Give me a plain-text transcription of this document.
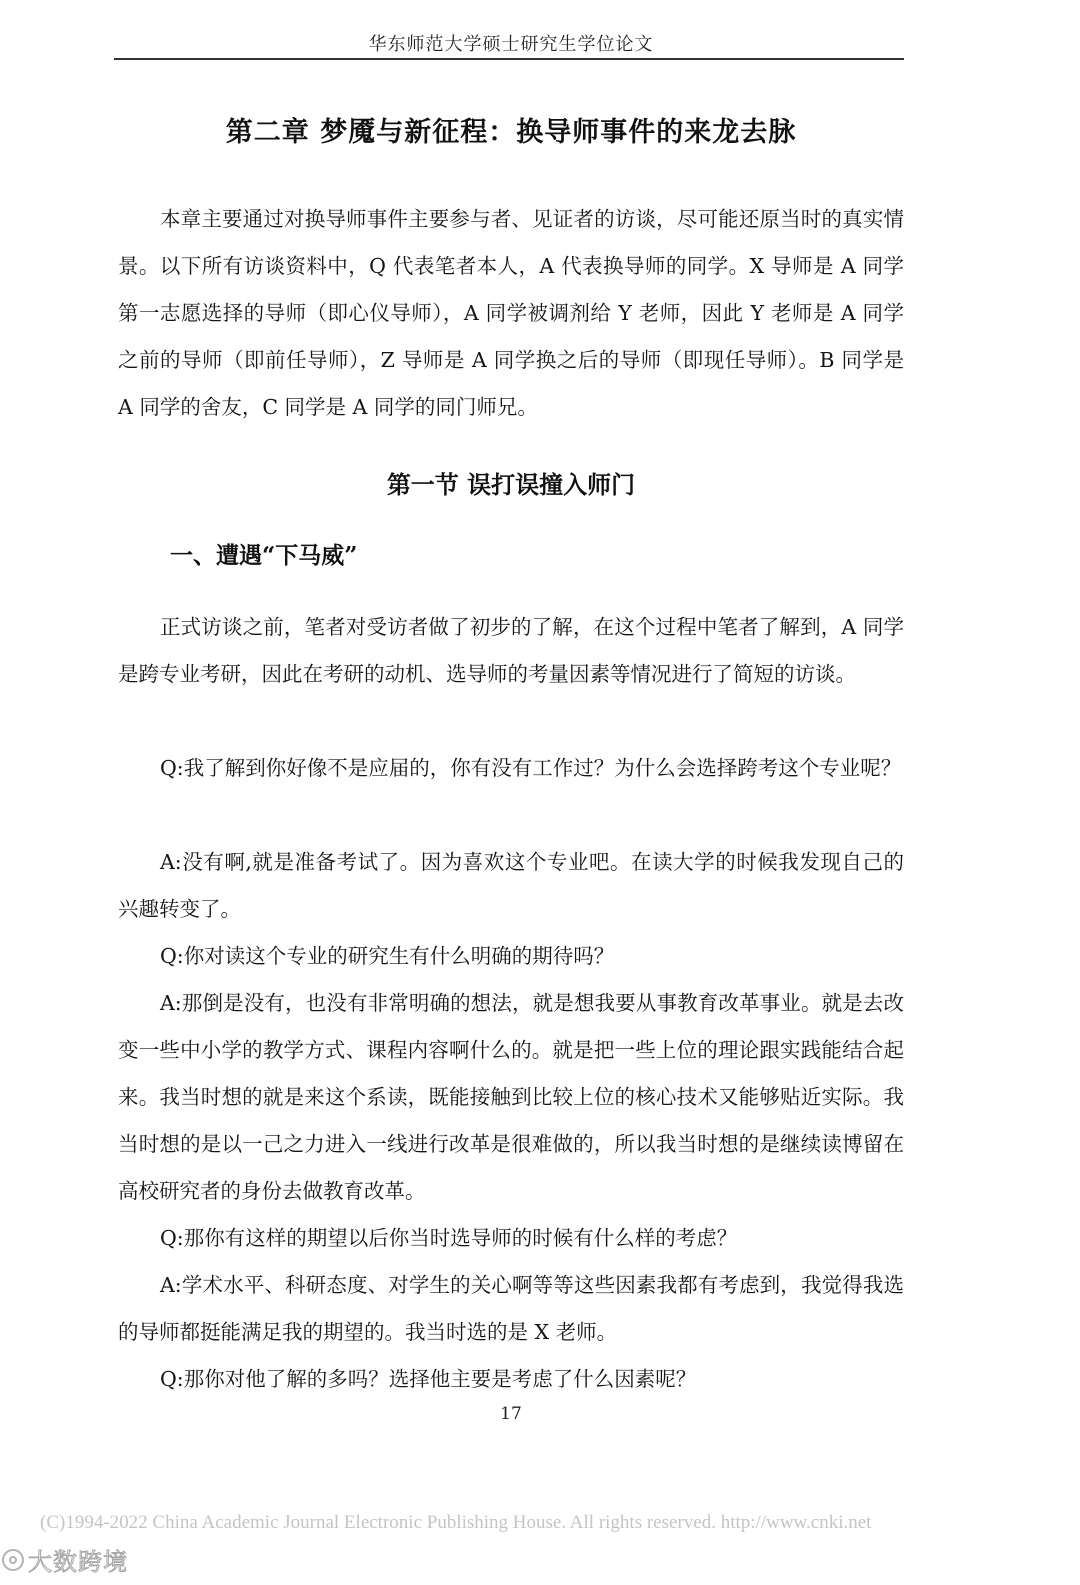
华东师范大学硕士研究生学位论文
第二章 梦魇与新征程：换导师事件的来龙去脉

本章主要通过对换导师事件主要参与者、见证者的访谈，尽可能还原当时的真实情景。以下所有访谈资料中，Q 代表笔者本人，A 代表换导师的同学。X 导师是 A 同学第一志愿选择的导师（即心仪导师），A 同学被调剂给 Y 老师，因此 Y 老师是 A 同学之前的导师（即前任导师），Z 导师是 A 同学换之后的导师（即现任导师）。B 同学是 A 同学的舍友，C 同学是 A 同学的同门师兄。

第一节 误打误撞入师门
一、遭遇“下马威”

正式访谈之前，笔者对受访者做了初步的了解，在这个过程中笔者了解到，A 同学是跨专业考研，因此在考研的动机、选导师的考量因素等情况进行了简短的访谈。

Q:我了解到你好像不是应届的，你有没有工作过？为什么会选择跨考这个专业呢？

A:没有啊,就是准备考试了。因为喜欢这个专业吧。在读大学的时候我发现自己的兴趣转变了。

Q:你对读这个专业的研究生有什么明确的期待吗？

A:那倒是没有，也没有非常明确的想法，就是想我要从事教育改革事业。就是去改变一些中小学的教学方式、课程内容啊什么的。就是把一些上位的理论跟实践能结合起来。我当时想的就是来这个系读，既能接触到比较上位的核心技术又能够贴近实际。我当时想的是以一己之力进入一线进行改革是很难做的，所以我当时想的是继续读博留在高校研究者的身份去做教育改革。

Q:那你有这样的期望以后你当时选导师的时候有什么样的考虑？

A:学术水平、科研态度、对学生的关心啊等等这些因素我都有考虑到，我觉得我选的导师都挺能满足我的期望的。我当时选的是 X 老师。

Q:那你对他了解的多吗？选择他主要是考虑了什么因素呢？

17
(C)1994-2022 China Academic Journal Electronic Publishing House. All rights reserved. http://www.cnki.net
大数跨境
